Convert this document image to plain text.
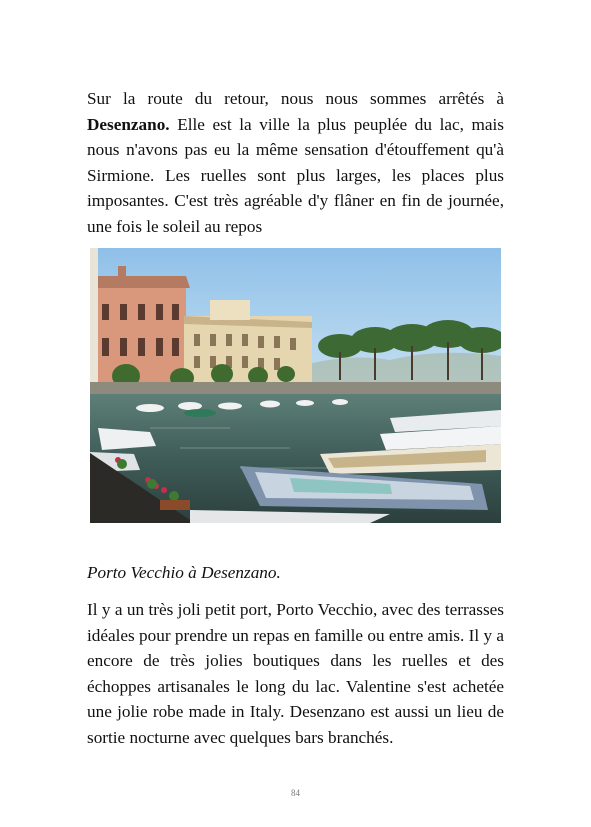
Sur la route du retour, nous nous sommes arrêtés à Desenzano. Elle est la ville la plus peuplée du lac, mais nous n'avons pas eu la même sensation d'étouffement qu'à Sirmione. Les ruelles sont plus larges, les places plus imposantes. C'est très agréable d'y flâner en fin de journée, une fois le soleil au repos

Porto Vecchio à Desenzano.

Il y a un très joli petit port, Porto Vecchio, avec des terrasses idéales pour prendre un repas en famille ou entre amis. Il y a encore de très jolies boutiques dans les ruelles et des échoppes artisanales le long du lac. Valentine s'est achetée une jolie robe made in Italy. Desenzano est aussi un lieu de sortie nocturne avec quelques bars branchés.

84
